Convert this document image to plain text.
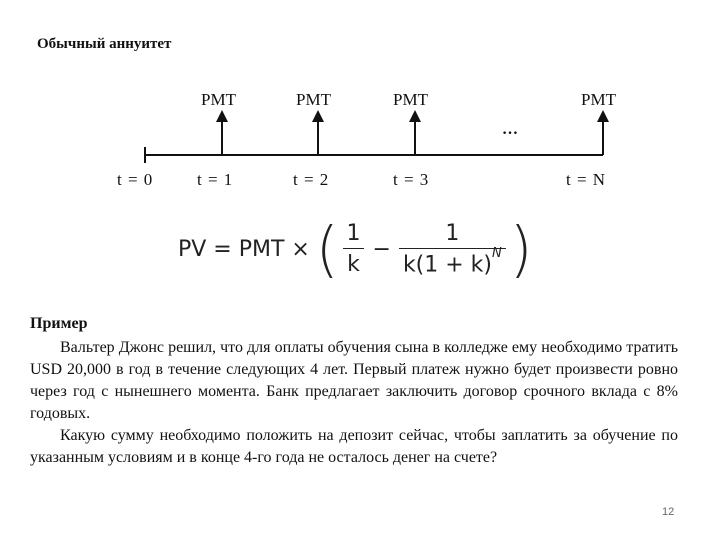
Обычный аннуитет
PMT	PMT	PMT	PMT
…
t = 0	t = 1	t = 2	t = 3	t = N
PV = PMT × ( $\frac{1}{k} - \frac{1}{k(1 + k)^N}$ )
Пример
Вальтер Джонс решил, что для оплаты обучения сына в колледже ему необходимо тратить USD 20,000 в год в течение следующих 4 лет. Первый платеж нужно будет произвести ровно через год с нынешнего момента. Банк предлагает заключить договор срочного вклада с 8% годовых.
Какую сумму необходимо положить на депозит сейчас, чтобы заплатить за обучение по указанным условиям и в конце 4-го года не осталось денег на счете?
12
